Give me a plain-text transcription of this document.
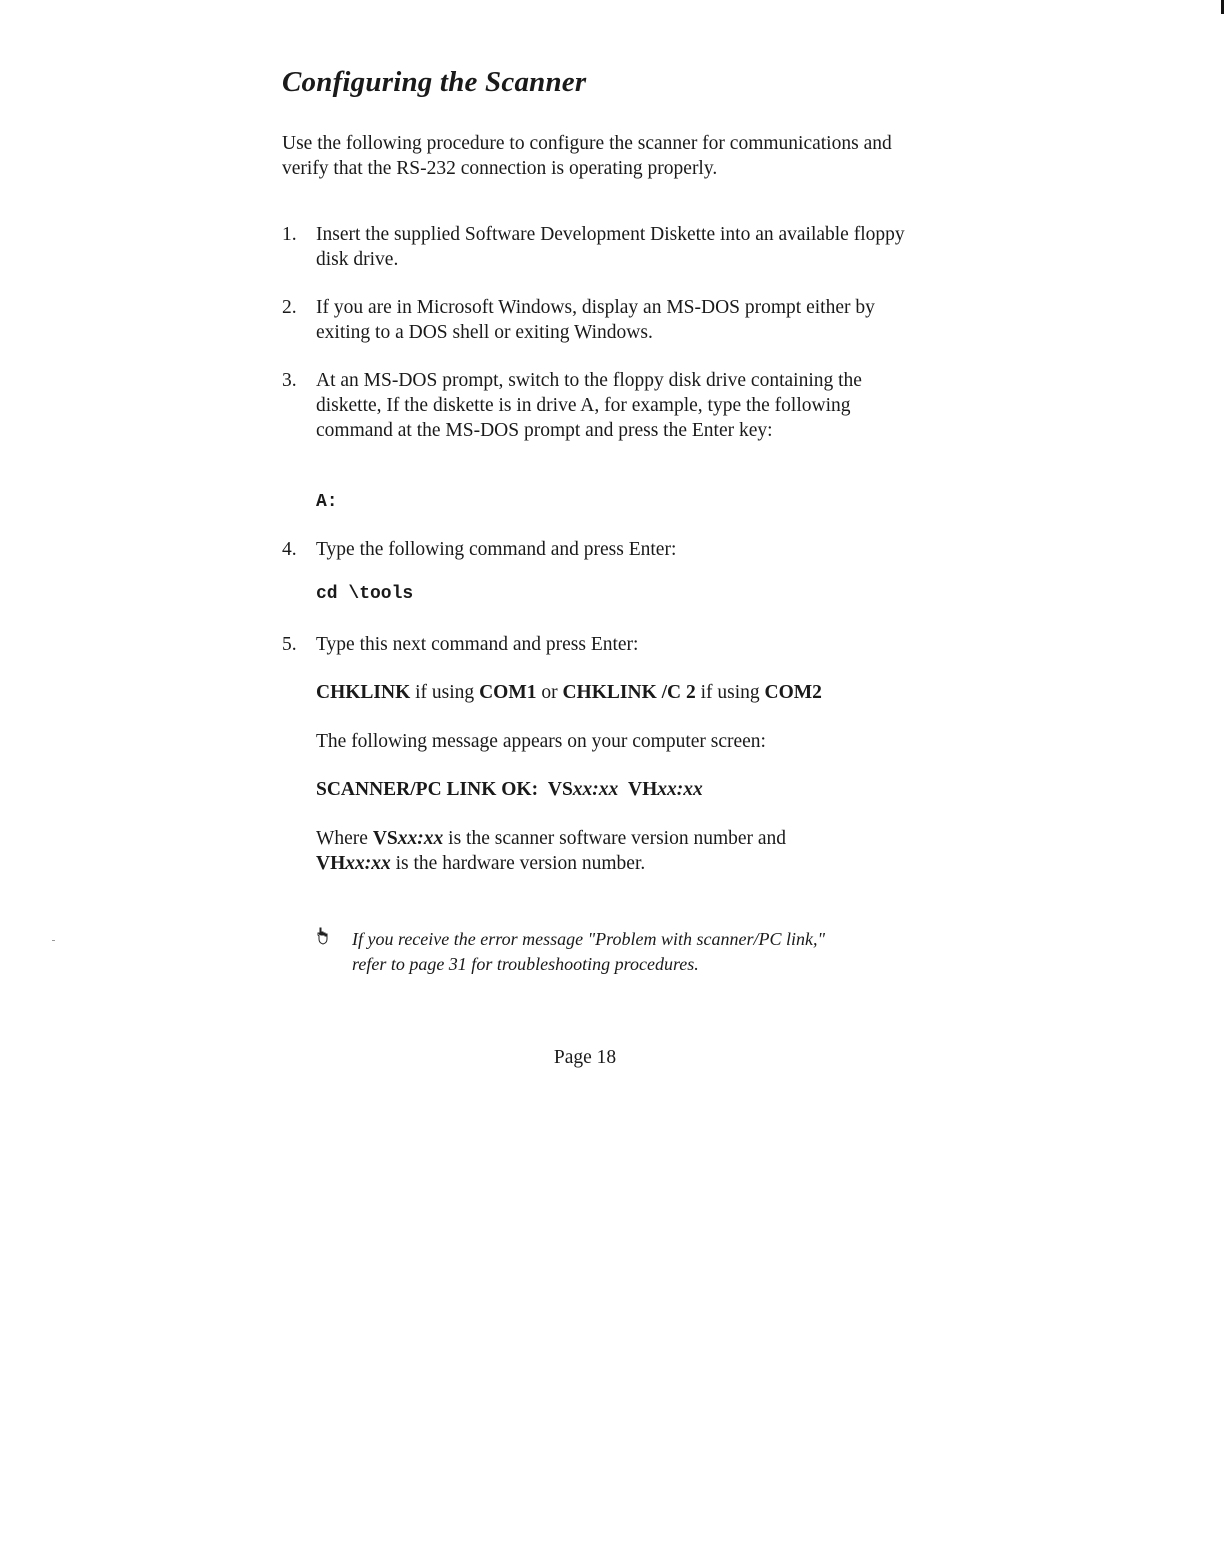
Configuring the Scanner
Use the following procedure to configure the scanner for communications and verify that the RS-232 connection is operating properly.
1. Insert the supplied Software Development Diskette into an available floppy disk drive.
2. If you are in Microsoft Windows, display an MS-DOS prompt either by exiting to a DOS shell or exiting Windows.
3. At an MS-DOS prompt, switch to the floppy disk drive containing the diskette, If the diskette is in drive A, for example, type the following command at the MS-DOS prompt and press the Enter key:
A:
4. Type the following command and press Enter:
cd \tools
5. Type this next command and press Enter:
CHKLINK if using COM1 or CHKLINK /C 2 if using COM2
The following message appears on your computer screen:
SCANNER/PC LINK OK: VSxx:xx VHxx:xx
Where VSxx:xx is the scanner software version number and
VHxx:xx is the hardware version number.
If you receive the error message "Problem with scanner/PC link,"
refer to page 31 for troubleshooting procedures.
Page 18
